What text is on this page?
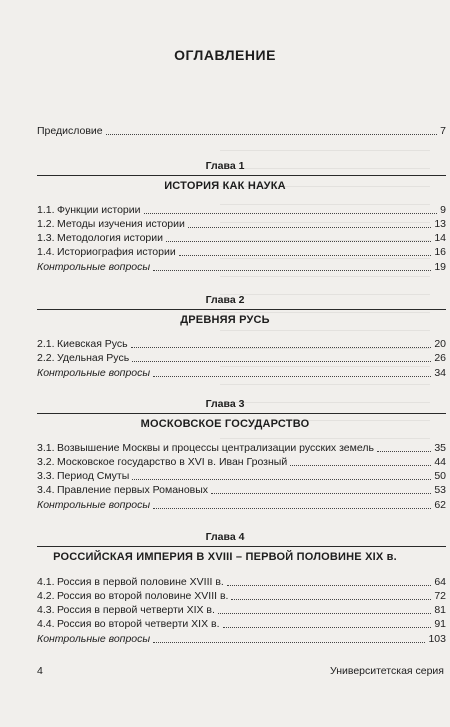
ОГЛАВЛЕНИЕ
Предисловие	7
Глава 1
ИСТОРИЯ КАК НАУКА
1.1. Функции истории	9
1.2. Методы изучения истории	13
1.3. Методология истории	14
1.4. Историография истории	16
Контрольные вопросы	19
Глава 2
ДРЕВНЯЯ РУСЬ
2.1. Киевская Русь	20
2.2. Удельная Русь	26
Контрольные вопросы	34
Глава 3
МОСКОВСКОЕ ГОСУДАРСТВО
3.1. Возвышение Москвы и процессы централизации русских земель	35
3.2. Московское государство в XVI в. Иван Грозный	44
3.3. Период Смуты	50
3.4. Правление первых Романовых	53
Контрольные вопросы	62
Глава 4
РОССИЙСКАЯ ИМПЕРИЯ В XVIII – ПЕРВОЙ ПОЛОВИНЕ XIX в.
4.1. Россия в первой половине XVIII в.	64
4.2. Россия во второй половине XVIII в.	72
4.3. Россия в первой четверти XIX в.	81
4.4. Россия во второй четверти XIX в.	91
Контрольные вопросы	103
4	Университетская серия
